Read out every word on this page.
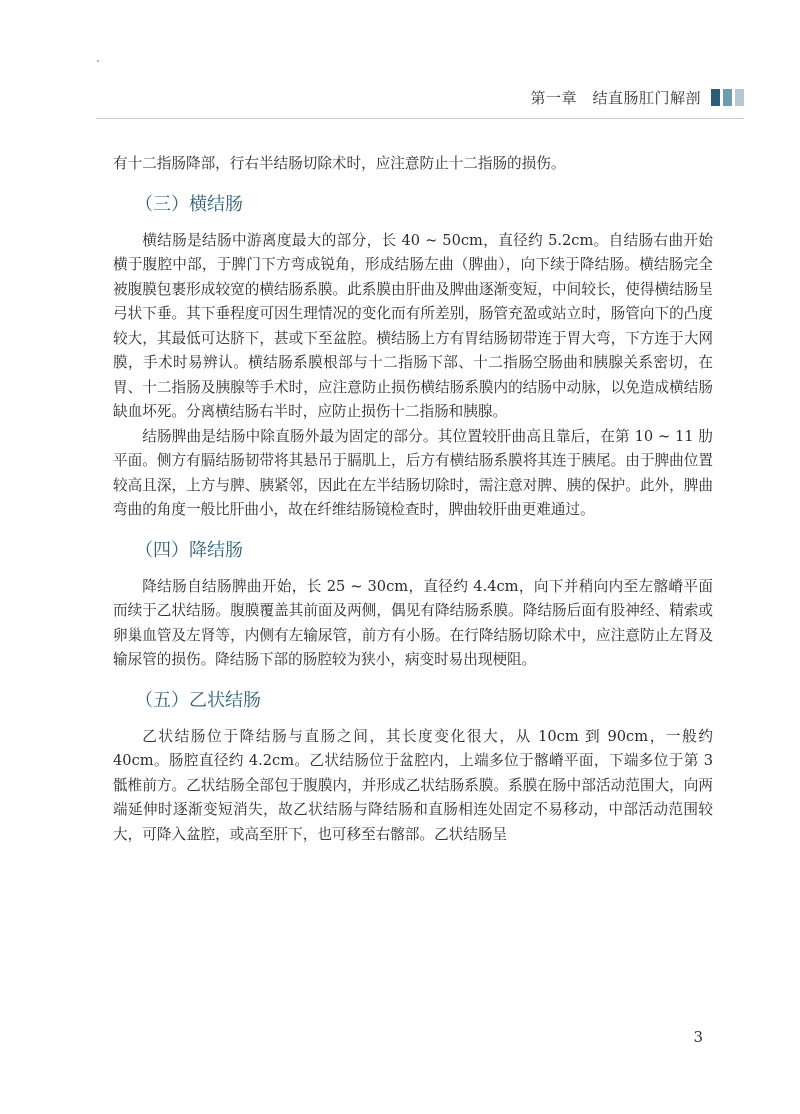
第一章　结直肠肛门解剖

有十二指肠降部，行右半结肠切除术时，应注意防止十二指肠的损伤。

（三）横结肠

横结肠是结肠中游离度最大的部分，长 40 ~ 50cm，直径约 5.2cm。自结肠右曲开始横于腹腔中部，于脾门下方弯成锐角，形成结肠左曲（脾曲），向下续于降结肠。横结肠完全被腹膜包裹形成较宽的横结肠系膜。此系膜由肝曲及脾曲逐渐变短，中间较长，使得横结肠呈弓状下垂。其下垂程度可因生理情况的变化而有所差别，肠管充盈或站立时，肠管向下的凸度较大，其最低可达脐下，甚或下至盆腔。横结肠上方有胃结肠韧带连于胃大弯，下方连于大网膜，手术时易辨认。横结肠系膜根部与十二指肠下部、十二指肠空肠曲和胰腺关系密切，在胃、十二指肠及胰腺等手术时，应注意防止损伤横结肠系膜内的结肠中动脉，以免造成横结肠缺血坏死。分离横结肠右半时，应防止损伤十二指肠和胰腺。

结肠脾曲是结肠中除直肠外最为固定的部分。其位置较肝曲高且靠后，在第 10 ~ 11 肋平面。侧方有膈结肠韧带将其悬吊于膈肌上，后方有横结肠系膜将其连于胰尾。由于脾曲位置较高且深，上方与脾、胰紧邻，因此在左半结肠切除时，需注意对脾、胰的保护。此外，脾曲弯曲的角度一般比肝曲小，故在纤维结肠镜检查时，脾曲较肝曲更难通过。

（四）降结肠

降结肠自结肠脾曲开始，长 25 ~ 30cm，直径约 4.4cm，向下并稍向内至左髂嵴平面而续于乙状结肠。腹膜覆盖其前面及两侧，偶见有降结肠系膜。降结肠后面有股神经、精索或卵巢血管及左肾等，内侧有左输尿管，前方有小肠。在行降结肠切除术中，应注意防止左肾及输尿管的损伤。降结肠下部的肠腔较为狭小，病变时易出现梗阻。

（五）乙状结肠

乙状结肠位于降结肠与直肠之间，其长度变化很大，从 10cm 到 90cm，一般约 40cm。肠腔直径约 4.2cm。乙状结肠位于盆腔内，上端多位于髂嵴平面，下端多位于第 3 骶椎前方。乙状结肠全部包于腹膜内，并形成乙状结肠系膜。系膜在肠中部活动范围大，向两端延伸时逐渐变短消失，故乙状结肠与降结肠和直肠相连处固定不易移动，中部活动范围较大，可降入盆腔，或高至肝下，也可移至右髂部。乙状结肠呈

3
